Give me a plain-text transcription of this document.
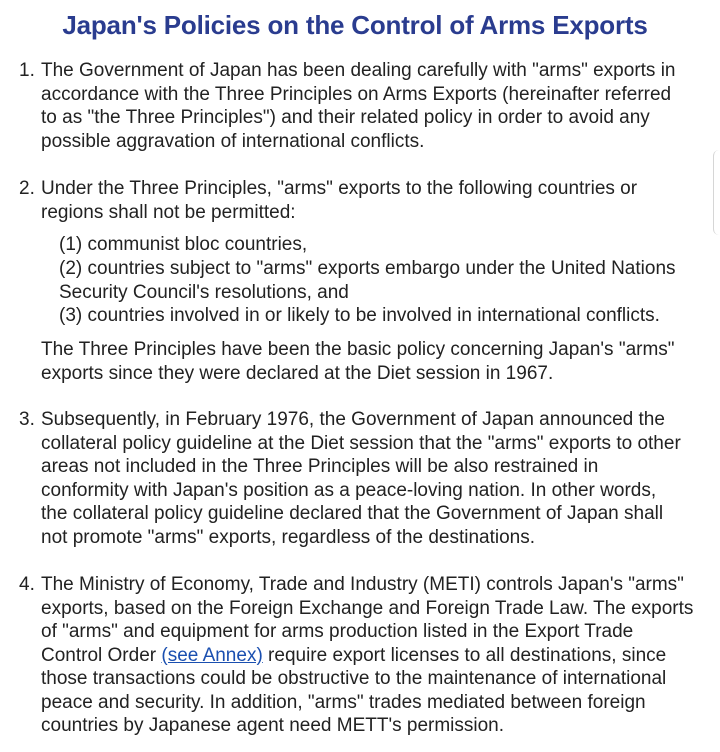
Japan's Policies on the Control of Arms Exports
1. The Government of Japan has been dealing carefully with "arms" exports in
accordance with the Three Principles on Arms Exports (hereinafter referred
to as "the Three Principles") and their related policy in order to avoid any
possible aggravation of international conflicts.
2. Under the Three Principles, "arms" exports to the following countries or
regions shall not be permitted:
(1) communist bloc countries,
(2) countries subject to "arms" exports embargo under the United Nations
Security Council's resolutions, and
(3) countries involved in or likely to be involved in international conflicts.
The Three Principles have been the basic policy concerning Japan's "arms"
exports since they were declared at the Diet session in 1967.
3. Subsequently, in February 1976, the Government of Japan announced the
collateral policy guideline at the Diet session that the "arms" exports to other
areas not included in the Three Principles will be also restrained in
conformity with Japan's position as a peace-loving nation. In other words,
the collateral policy guideline declared that the Government of Japan shall
not promote "arms" exports, regardless of the destinations.
4. The Ministry of Economy, Trade and Industry (METI) controls Japan's "arms"
exports, based on the Foreign Exchange and Foreign Trade Law. The exports
of "arms" and equipment for arms production listed in the Export Trade
Control Order (see Annex) require export licenses to all destinations, since
those transactions could be obstructive to the maintenance of international
peace and security. In addition, "arms" trades mediated between foreign
countries by Japanese agent need METT's permission.
